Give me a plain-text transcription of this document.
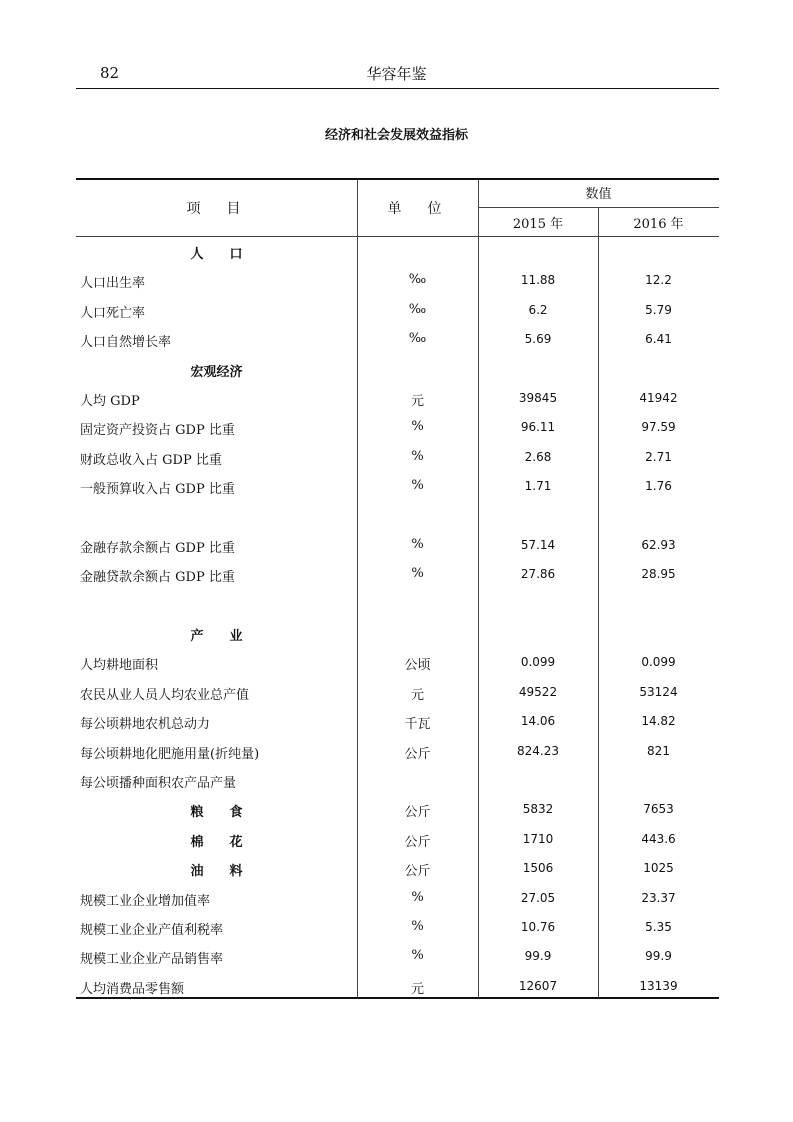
82	华容年鉴
经济和社会发展效益指标
项　目	单　位
数值
2015 年	2016 年
人　　口
人口出生率	‰	11.88	12.2
人口死亡率	‰	6.2	5.79
人口自然增长率	‰	5.69	6.41
宏观经济
人均 GDP	元	39845	41942
固定资产投资占 GDP 比重	%	96.11	97.59
财政总收入占 GDP 比重	%	2.68	2.71
一般预算收入占 GDP 比重	%	1.71	1.76
金融存款余额占 GDP 比重	%	57.14	62.93
金融贷款余额占 GDP 比重	%	27.86	28.95
产　　业
人均耕地面积	公顷	0.099	0.099
农民从业人员人均农业总产值	元	49522	53124
每公顷耕地农机总动力	千瓦	14.06	14.82
每公顷耕地化肥施用量(折纯量)	公斤	824.23	821
每公顷播种面积农产品产量
粮　　食	公斤	5832	7653
棉　　花	公斤	1710	443.6
油　　料	公斤	1506	1025
规模工业企业增加值率	%	27.05	23.37
规模工业企业产值利税率	%	10.76	5.35
规模工业企业产品销售率	%	99.9	99.9
人均消费品零售额	元	12607	13139
